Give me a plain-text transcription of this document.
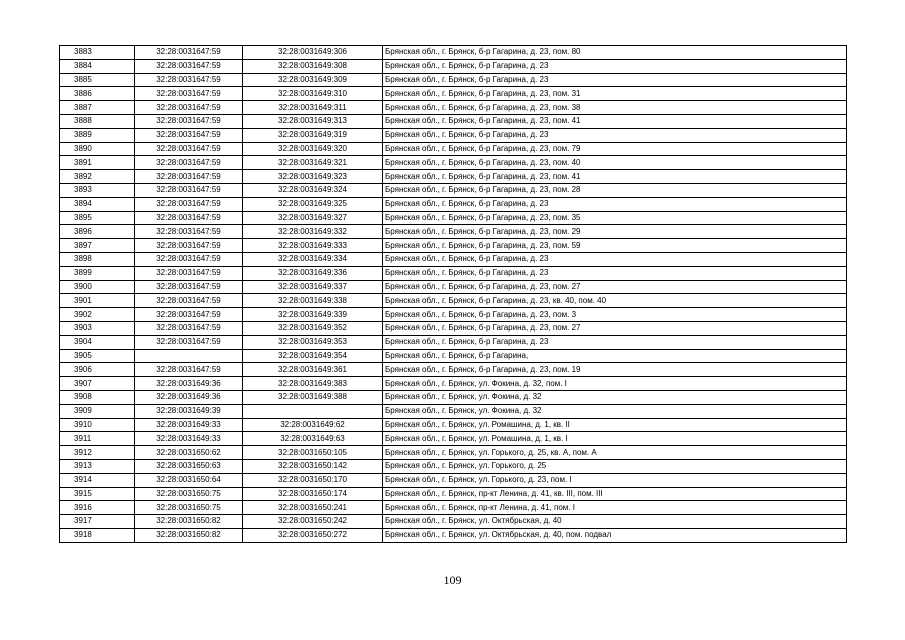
3883	32:28:0031647:59	32:28:0031649:306	Брянская обл., г. Брянск, б-р Гагарина, д. 23, пом. 80
3884	32:28:0031647:59	32:28:0031649:308	Брянская обл., г. Брянск, б-р Гагарина, д. 23
3885	32:28:0031647:59	32:28:0031649:309	Брянская обл., г. Брянск, б-р Гагарина, д. 23
3886	32:28:0031647:59	32:28:0031649:310	Брянская обл., г. Брянск, б-р Гагарина, д. 23, пом. 31
3887	32:28:0031647:59	32:28:0031649:311	Брянская обл., г. Брянск, б-р Гагарина, д. 23, пом. 38
3888	32:28:0031647:59	32:28:0031649:313	Брянская обл., г. Брянск, б-р Гагарина, д. 23, пом. 41
3889	32:28:0031647:59	32:28:0031649:319	Брянская обл., г. Брянск, б-р Гагарина, д. 23
3890	32:28:0031647:59	32:28:0031649:320	Брянская обл., г. Брянск, б-р Гагарина, д. 23, пом. 79
3891	32:28:0031647:59	32:28:0031649:321	Брянская обл., г. Брянск, б-р Гагарина, д. 23, пом. 40
3892	32:28:0031647:59	32:28:0031649:323	Брянская обл., г. Брянск, б-р Гагарина, д. 23, пом. 41
3893	32:28:0031647:59	32:28:0031649:324	Брянская обл., г. Брянск, б-р Гагарина, д. 23, пом. 28
3894	32:28:0031647:59	32:28:0031649:325	Брянская обл., г. Брянск, б-р Гагарина, д. 23
3895	32:28:0031647:59	32:28:0031649:327	Брянская обл., г. Брянск, б-р Гагарина, д. 23, пом. 35
3896	32:28:0031647:59	32:28:0031649:332	Брянская обл., г. Брянск, б-р Гагарина, д. 23, пом. 29
3897	32:28:0031647:59	32:28:0031649:333	Брянская обл., г. Брянск, б-р Гагарина, д. 23, пом. 59
3898	32:28:0031647:59	32:28:0031649:334	Брянская обл., г. Брянск, б-р Гагарина, д. 23
3899	32:28:0031647:59	32:28:0031649:336	Брянская обл., г. Брянск, б-р Гагарина, д. 23
3900	32:28:0031647:59	32:28:0031649:337	Брянская обл., г. Брянск, б-р Гагарина, д. 23, пом. 27
3901	32:28:0031647:59	32:28:0031649:338	Брянская обл., г. Брянск, б-р Гагарина, д. 23, кв. 40, пом. 40
3902	32:28:0031647:59	32:28:0031649:339	Брянская обл., г. Брянск, б-р Гагарина, д. 23, пом. 3
3903	32:28:0031647:59	32:28:0031649:352	Брянская обл., г. Брянск, б-р Гагарина, д. 23, пом. 27
3904	32:28:0031647:59	32:28:0031649:353	Брянская обл., г. Брянск, б-р Гагарина, д. 23
3905		32:28:0031649:354	Брянская обл., г. Брянск, б-р Гагарина,
3906	32:28:0031647:59	32:28:0031649:361	Брянская обл., г. Брянск, б-р Гагарина, д. 23, пом. 19
3907	32:28:0031649:36	32:28:0031649:383	Брянская обл., г. Брянск, ул. Фокина, д. 32, пом. I
3908	32:28:0031649:36	32:28:0031649:388	Брянская обл., г. Брянск, ул. Фокина, д. 32
3909	32:28:0031649:39		Брянская обл., г. Брянск, ул. Фокина, д. 32
3910	32:28:0031649:33	32:28:0031649:62	Брянская обл., г. Брянск, ул. Ромашина, д. 1, кв. II
3911	32:28:0031649:33	32:28:0031649:63	Брянская обл., г. Брянск, ул. Ромашина, д. 1, кв. I
3912	32:28:0031650:62	32:28:0031650:105	Брянская обл., г. Брянск, ул. Горького, д. 25, кв. А, пом. А
3913	32:28:0031650:63	32:28:0031650:142	Брянская обл., г. Брянск, ул. Горького, д. 25
3914	32:28:0031650:64	32:28:0031650:170	Брянская обл., г. Брянск, ул. Горького, д. 23, пом. I
3915	32:28:0031650:75	32:28:0031650:174	Брянская обл., г. Брянск, пр-кт Ленина, д. 41, кв. III, пом. III
3916	32:28:0031650:75	32:28:0031650:241	Брянская обл., г. Брянск, пр-кт Ленина, д. 41, пом. I
3917	32:28:0031650:82	32:28:0031650:242	Брянская обл., г. Брянск, ул. Октябрьская, д. 40
3918	32:28:0031650:82	32:28:0031650:272	Брянская обл., г. Брянск, ул. Октябрьская, д. 40, пом. подвал
109
